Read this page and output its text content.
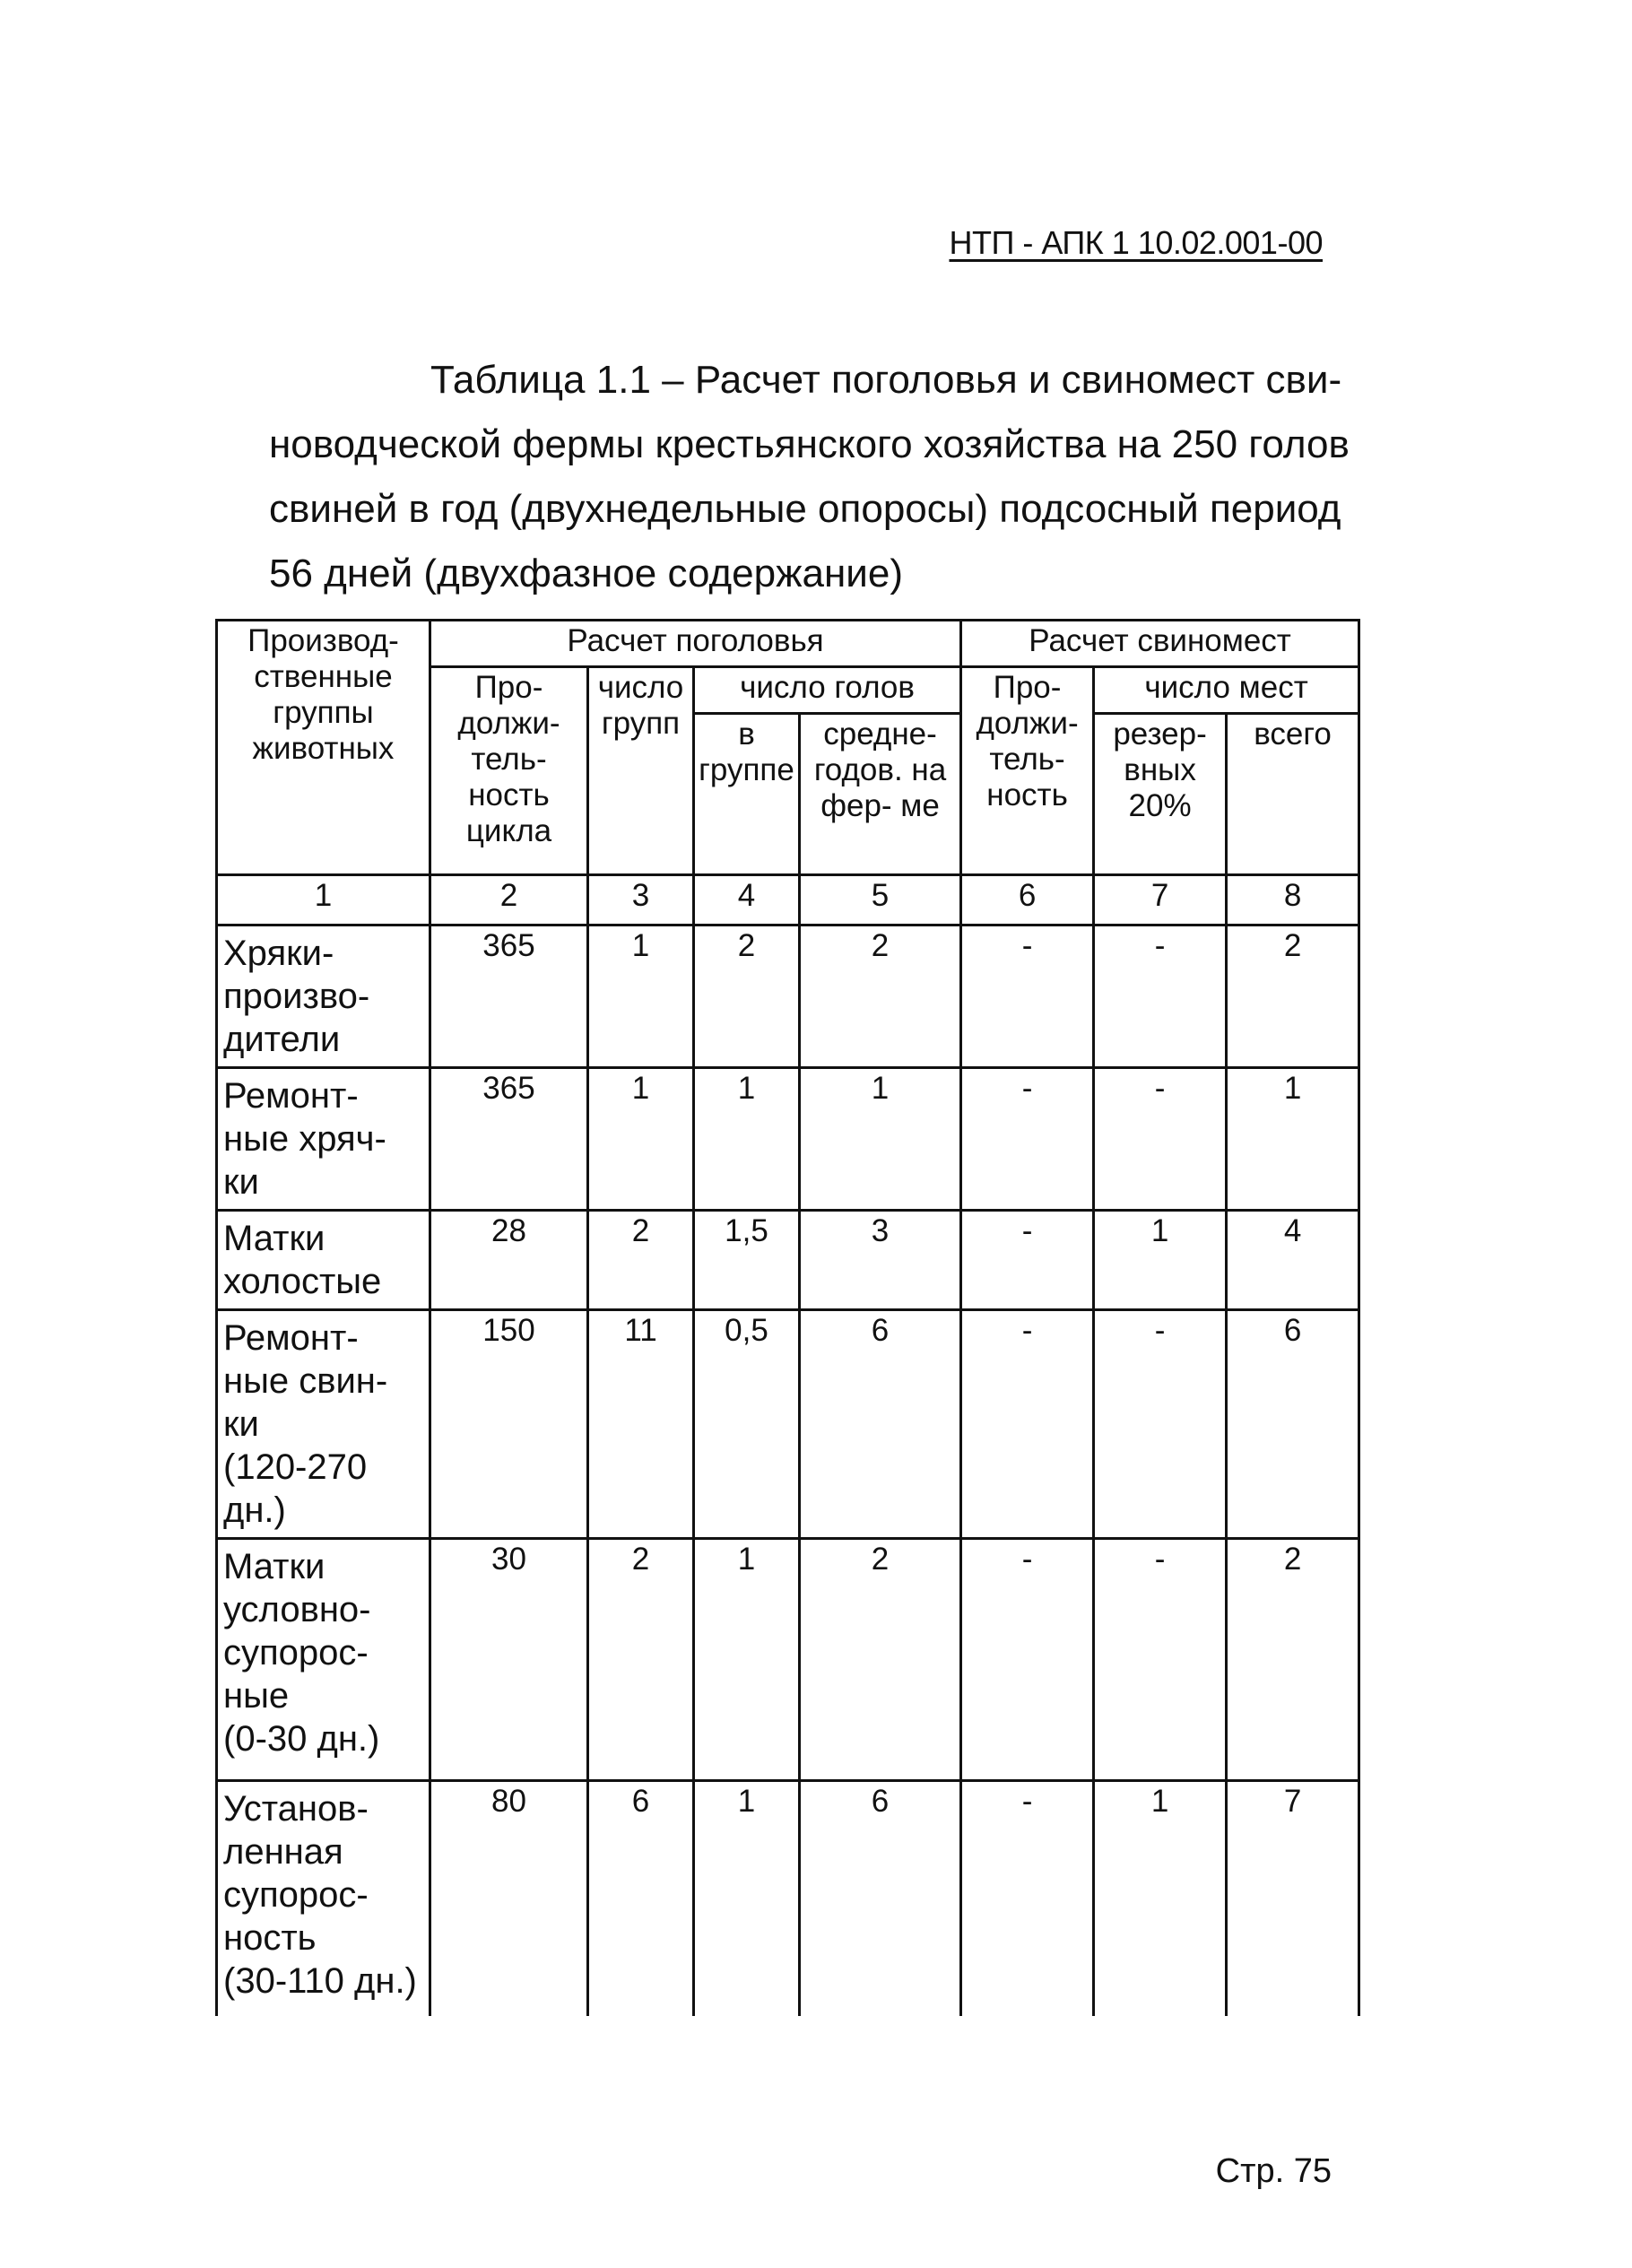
НТП - АПК 1 10.02.001-00
Таблица 1.1 – Расчет поголовья и свиномест сви-
новодческой фермы крестьянского хозяйства на 250 голов
свиней в год (двухнедельные опоросы) подсосный период
56 дней (двухфазное содержание)
Производ- ственные группы животных	Расчет поголовья				Расчет свиномест		
	Про- должи- тель- ность цикла	число групп	число голов		Про- должи- тель- ность	число мест	
			в группе	средне- годов. на фер- ме		резер- вных 20%	всего
1	2	3	4	5	6	7	8

Хряки-
произво-
дители	365	1	2	2	-	-	2

Ремонт-
ные хряч-
ки	365	1	1	1	-	-	1

Матки
холостые	28	2	1,5	3	-	1	4

Ремонт-
ные свин-
ки
(120-270 дн.)	150	11	0,5	6	-	-	6

Матки
условно-
супорос-
ные
(0-30 дн.)	30	2	1	2	-	-	2

Установ-
ленная
супорос-
ность
(30-110 дн.)	80	6	1	6	-	1	7
Стр. 75
